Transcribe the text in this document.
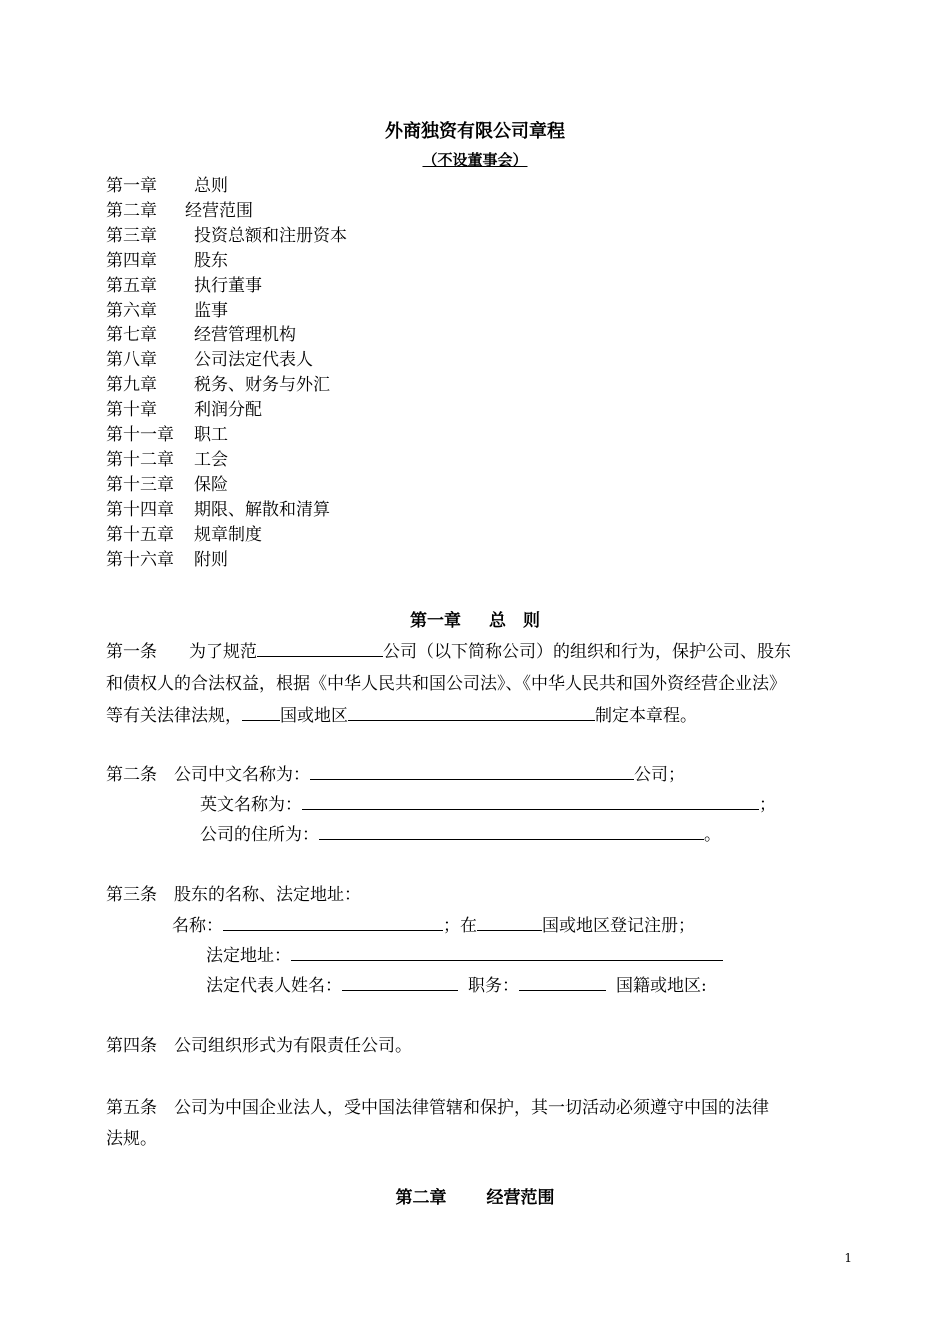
外商独资有限公司章程
（不设董事会）
第一章 总则
第二章 经营范围
第三章 投资总额和注册资本
第四章 股东
第五章 执行董事
第六章 监事
第七章 经营管理机构
第八章 公司法定代表人
第九章 税务、财务与外汇
第十章 利润分配
第十一章 职工
第十二章 工会
第十三章 保险
第十四章 期限、解散和清算
第十五章 规章制度
第十六章 附则
第一章 总　则
第一条 为了规范	公司（以下简称公司）的组织和行为，保护公司、股东
和债权人的合法权益，根据《中华人民共和国公司法》、《中华人民共和国外资经营企业法》
等有关法律法规， 国或地区	制定本章程。
第二条 公司中文名称为：	公司；
英文名称为：	；
公司的住所为：	。
第三条 股东的名称、法定地址：
名称：	；在	国或地区登记注册；
法定地址：
法定代表人姓名：	职务：	国籍或地区:
第四条 公司组织形式为有限责任公司。
第五条 公司为中国企业法人，受中国法律管辖和保护，其一切活动必须遵守中国的法律
法规。
第二章 经营范围
1
